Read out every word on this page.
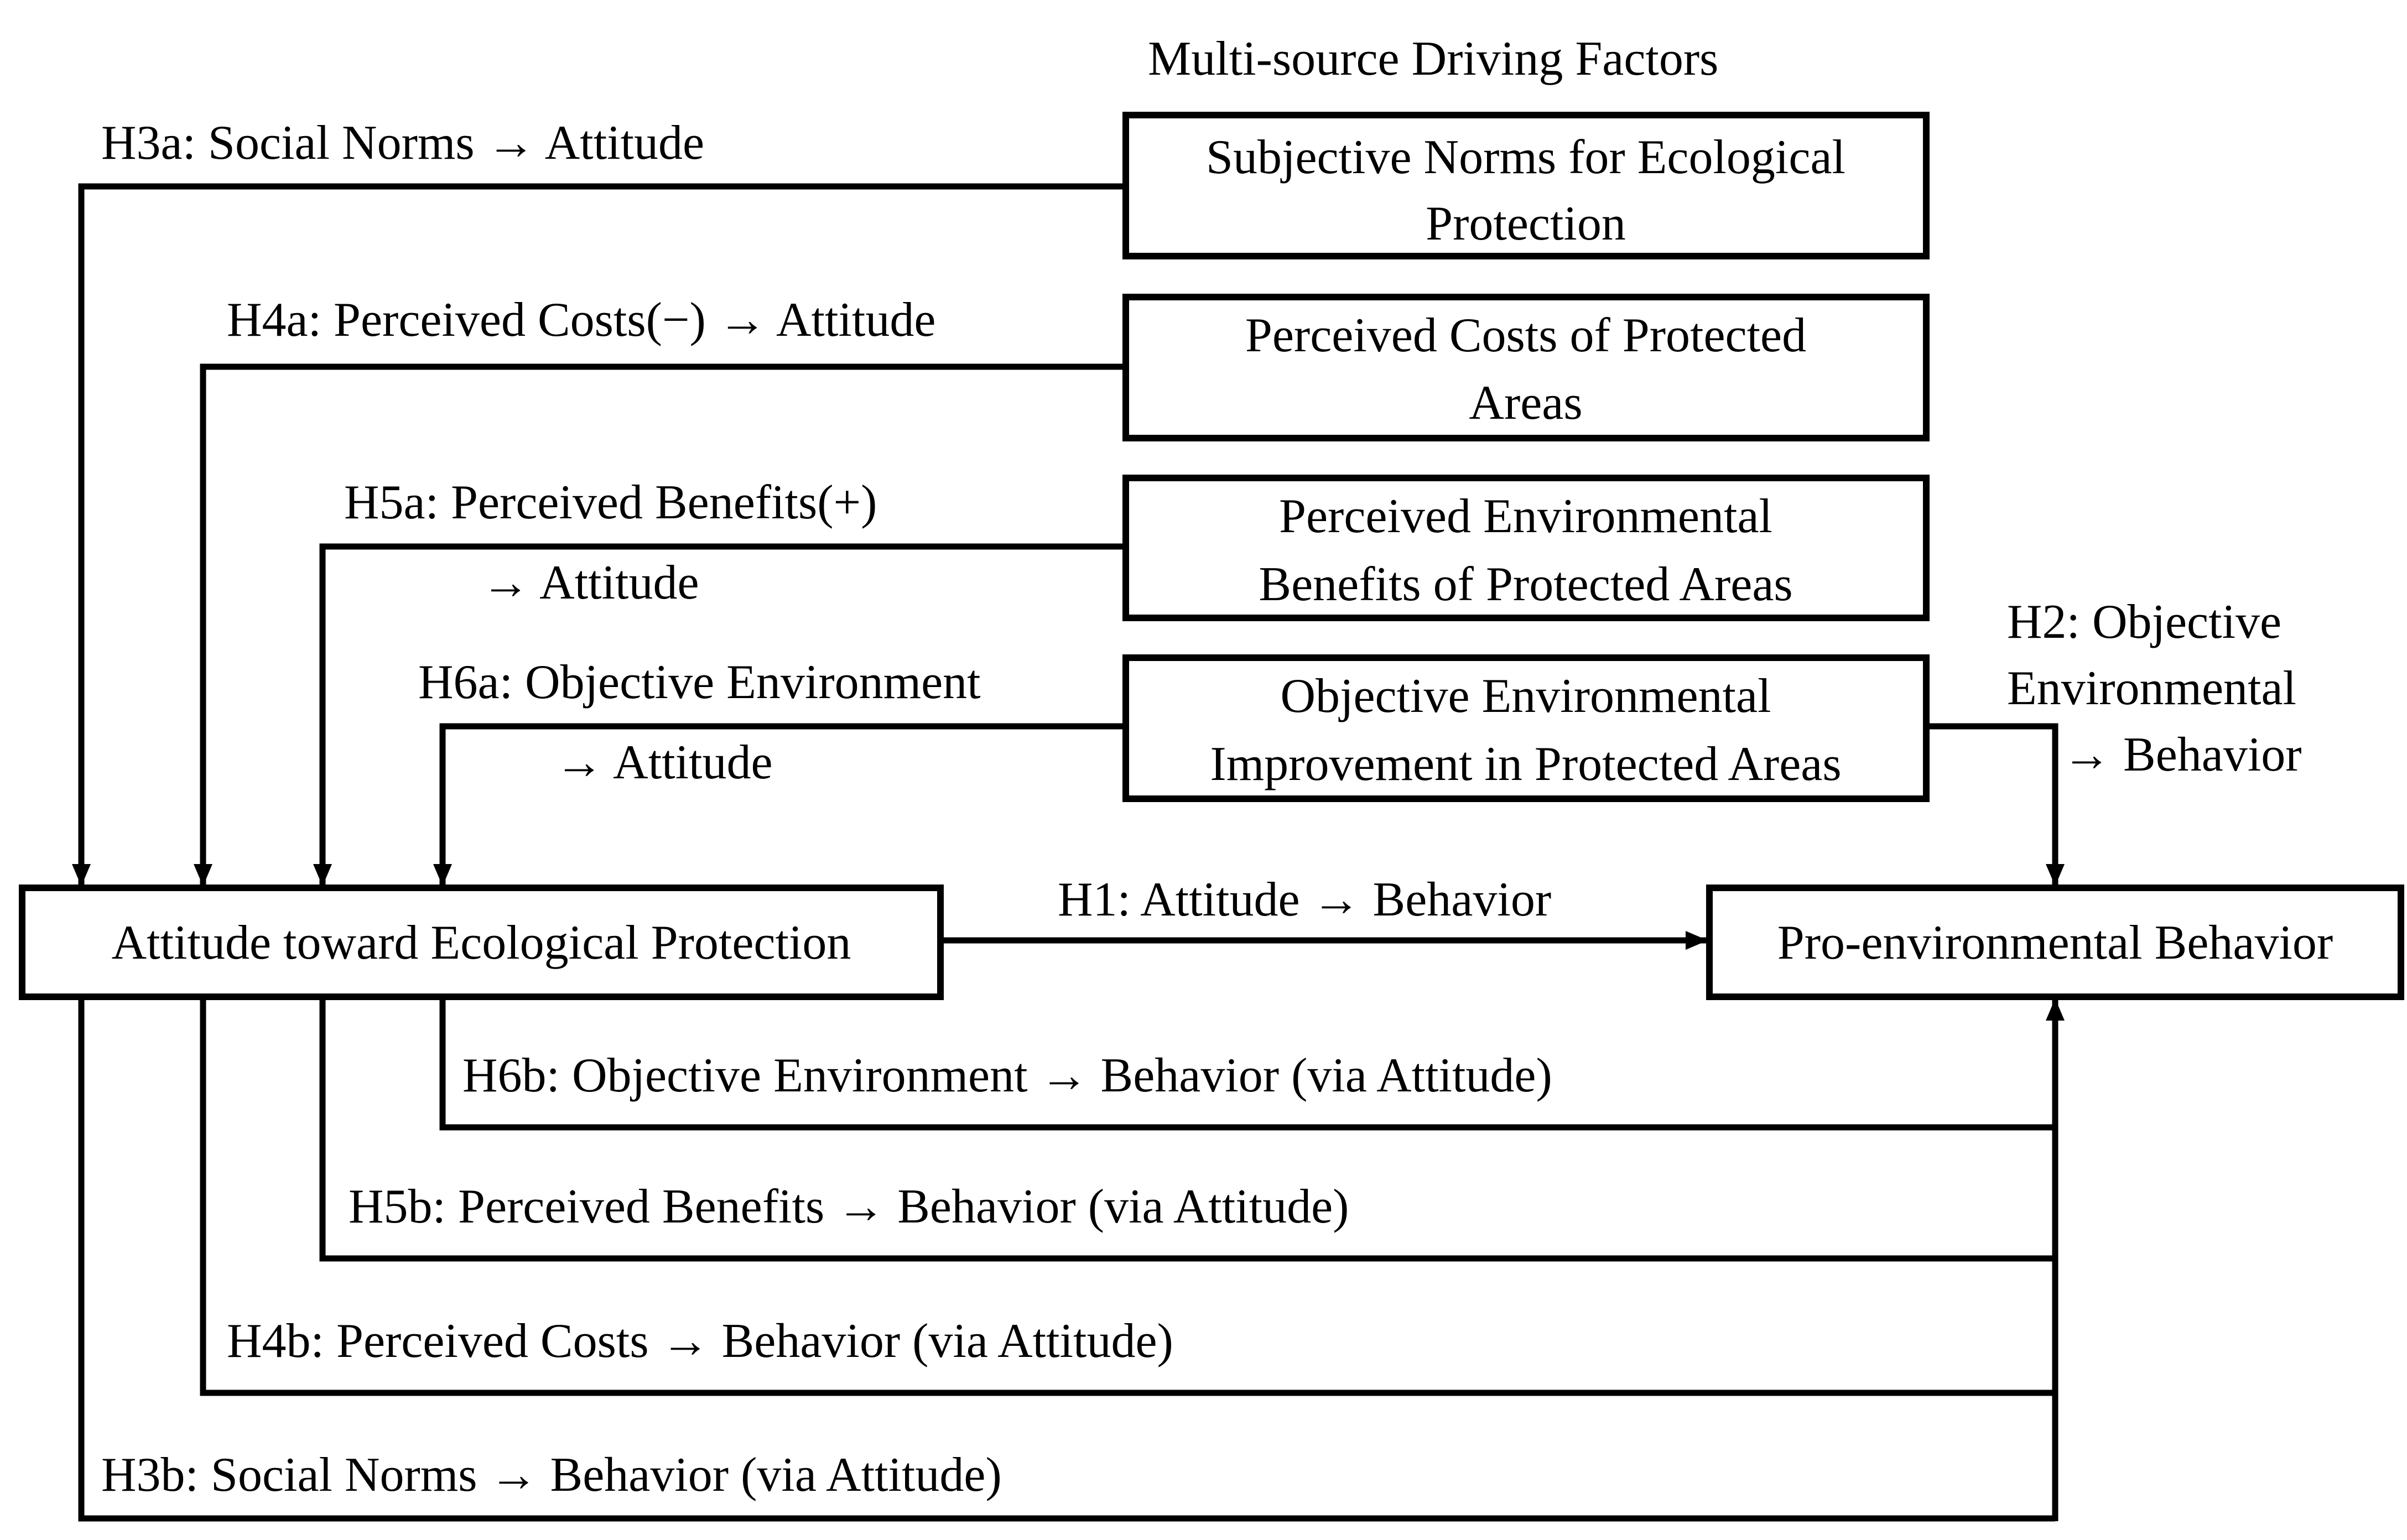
Multi-source Driving Factors
Subjective Norms for Ecological
Protection
Perceived Costs of Protected
Areas
Perceived Environmental
Benefits of Protected Areas
Objective Environmental
Improvement in Protected Areas
Attitude toward Ecological Protection	Pro-environmental Behavior
H3a: Social Norms → Attitude
H4a: Perceived Costs(−) → Attitude
H5a: Perceived Benefits(+)
→ Attitude
H6a: Objective Environment
→ Attitude
H2: Objective
Environmental
→ Behavior
H1: Attitude → Behavior
H6b: Objective Environment → Behavior (via Attitude)
H5b: Perceived Benefits → Behavior (via Attitude)
H4b: Perceived Costs → Behavior (via Attitude)
H3b: Social Norms → Behavior (via Attitude)
